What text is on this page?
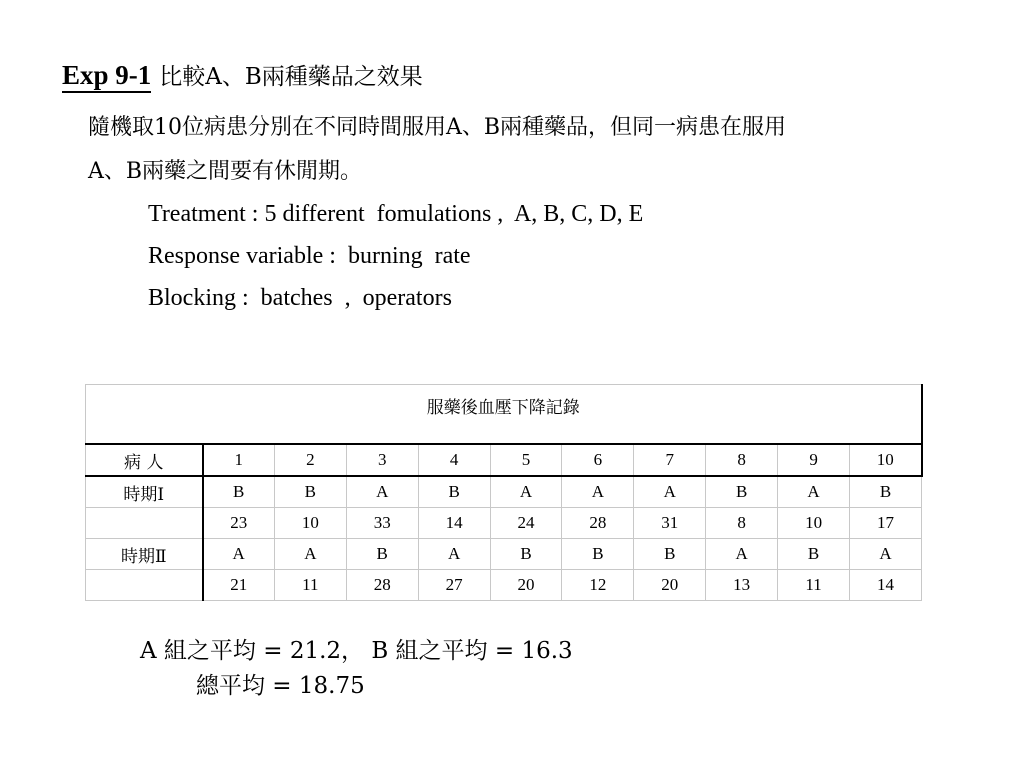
Exp 9-1 比較A、B兩種藥品之效果
隨機取10位病患分別在不同時間服用A、B兩種藥品，但同一病患在服用
A、B兩藥之間要有休閒期。
Treatment : 5 different  fomulations ,  A, B, C, D, E
Response variable :  burning  rate
Blocking :  batches  ,  operators
服藥後血壓下降記錄										
病 人	1	2	3	4	5	6	7	8	9	10
時期Ⅰ	B	B	A	B	A	A	A	B	A	B
	23	10	33	14	24	28	31	8	10	17
時期Ⅱ	A	A	B	A	B	B	B	A	B	A
	21	11	28	27	20	12	20	13	11	14
A 組之平均 = 21.2， B 組之平均 = 16.3
總平均 = 18.75
